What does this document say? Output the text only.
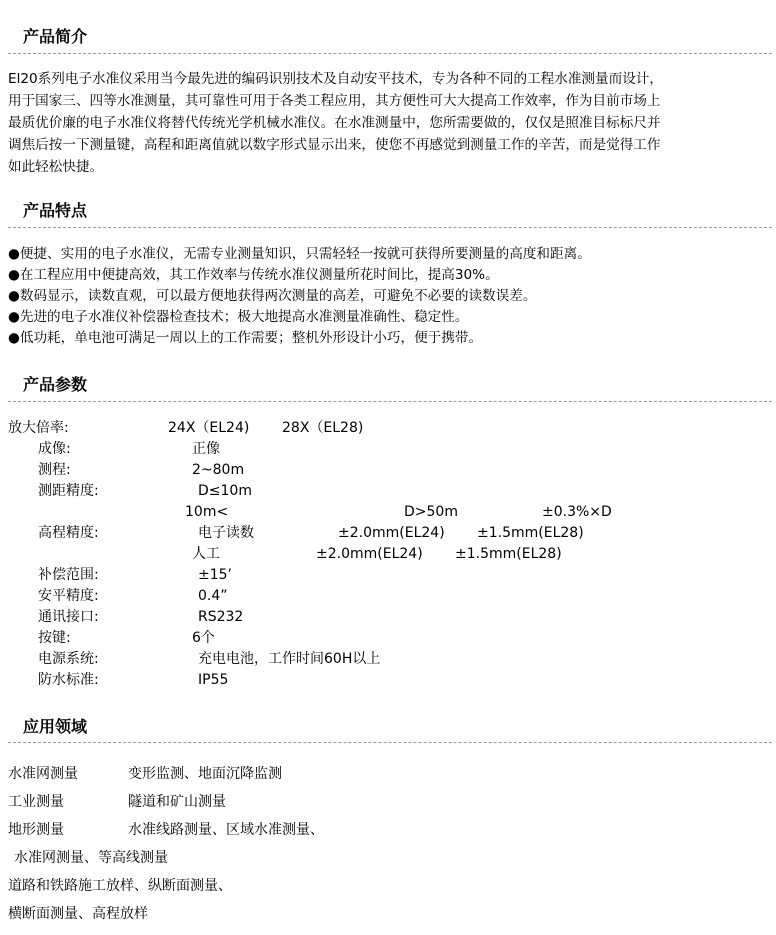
产品简介
El20系列电子水准仪采用当今最先进的编码识别技术及自动安平技术，专为各种不同的工程水准测量而设计，
用于国家三、四等水准测量，其可靠性可用于各类工程应用，其方便性可大大提高工作效率，作为目前市场上
最质优价廉的电子水准仪将替代传统光学机械水准仪。在水准测量中，您所需要做的，仅仅是照准目标标尺并
调焦后按一下测量键，高程和距离值就以数字形式显示出来，使您不再感觉到测量工作的辛苦，而是觉得工作
如此轻松快捷。
产品特点
●便捷、实用的电子水准仪，无需专业测量知识，只需轻轻一按就可获得所要测量的高度和距离。
●在工程应用中便捷高效，其工作效率与传统水准仪测量所花时间比，提高30%。
●数码显示，读数直观，可以最方便地获得两次测量的高差，可避免不必要的读数误差。
●先进的电子水准仪补偿器检查技术；极大地提高水准测量准确性、稳定性。
●低功耗，单电池可满足一周以上的工作需要；整机外形设计小巧，便于携带。
产品参数
放大倍率:	24X（EL24) 28X（EL28)
成像:	正像
测程:	2~80m
测距精度:	D≤10m
10m<	D>50m	±0.3%×D
高程精度:	电子读数	±2.0mm(EL24) ±1.5mm(EL28)
人工	±2.0mm(EL24) ±1.5mm(EL28)
补偿范围:	±15’
安平精度:	0.4”
通讯接口:	RS232
按键:	6个
电源系统:	充电电池，工作时间60H以上
防水标准:	IP55
应用领域
水准网测量	变形监测、地面沉降监测
工业测量	隧道和矿山测量
地形测量	水准线路测量、区域水准测量、
水准网测量、等高线测量
道路和铁路施工放样、纵断面测量、
横断面测量、高程放样
